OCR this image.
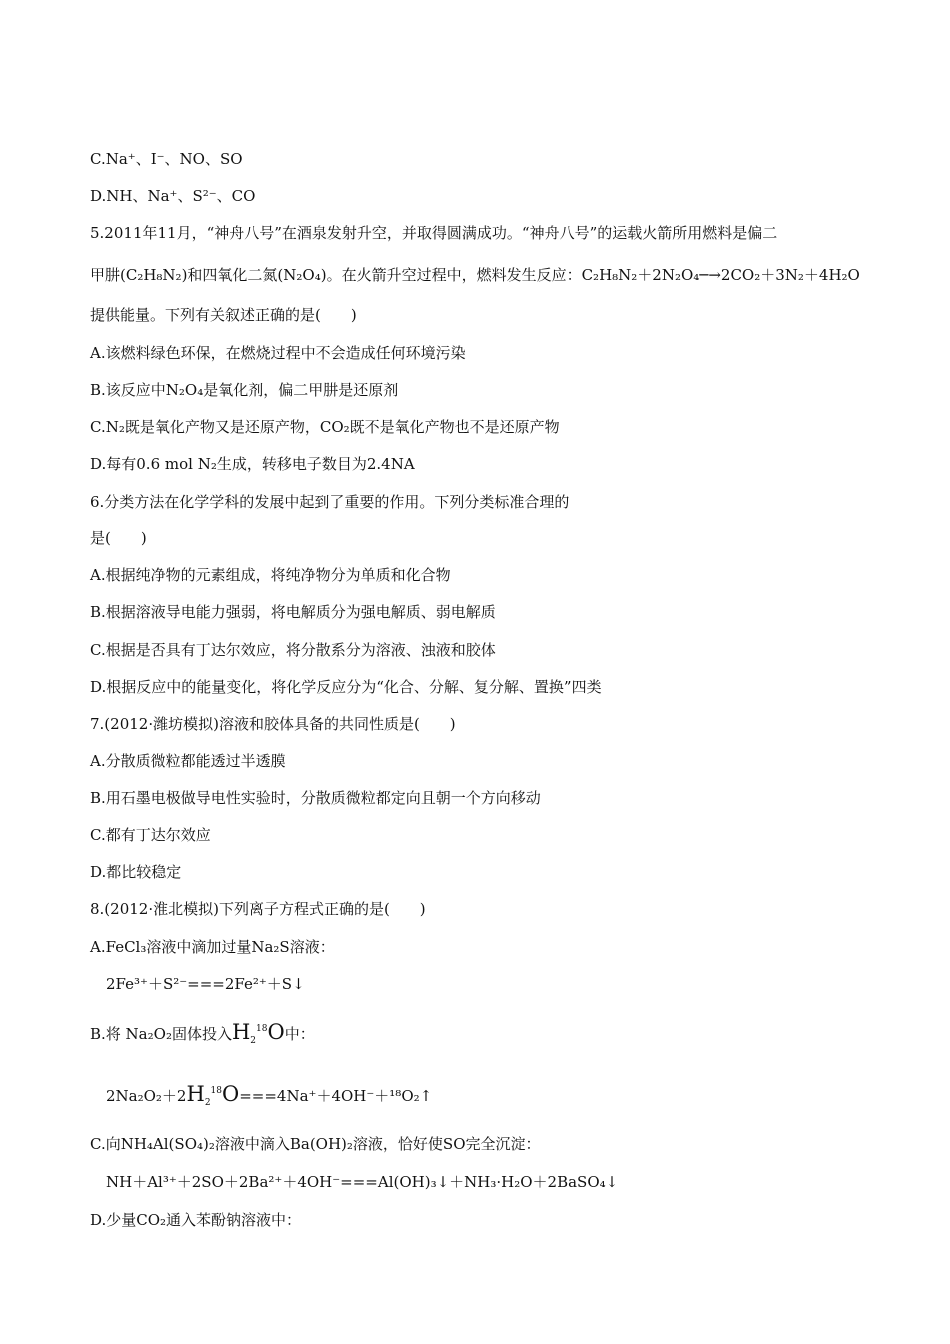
C.Na⁺、I⁻、NO、SO
D.NH、Na⁺、S²⁻、CO
5.2011年11月，“神舟八号”在酒泉发射升空，并取得圆满成功。“神舟八号”的运载火箭所用燃料是偏二
甲肼(C₂H₈N₂)和四氧化二氮(N₂O₄)。在火箭升空过程中，燃料发生反应：C₂H₈N₂＋2N₂O₄─→2CO₂＋3N₂＋4H₂O
提供能量。下列有关叙述正确的是(　　)
A.该燃料绿色环保，在燃烧过程中不会造成任何环境污染
B.该反应中N₂O₄是氧化剂，偏二甲肼是还原剂
C.N₂既是氧化产物又是还原产物，CO₂既不是氧化产物也不是还原产物
D.每有0.6 mol N₂生成，转移电子数目为2.4NA
6.分类方法在化学学科的发展中起到了重要的作用。下列分类标准合理的
是(　　)
A.根据纯净物的元素组成，将纯净物分为单质和化合物
B.根据溶液导电能力强弱，将电解质分为强电解质、弱电解质
C.根据是否具有丁达尔效应，将分散系分为溶液、浊液和胶体
D.根据反应中的能量变化，将化学反应分为“化合、分解、复分解、置换”四类
7.(2012·潍坊模拟)溶液和胶体具备的共同性质是(　　)
A.分散质微粒都能透过半透膜
B.用石墨电极做导电性实验时，分散质微粒都定向且朝一个方向移动
C.都有丁达尔效应
D.都比较稳定
8.(2012·淮北模拟)下列离子方程式正确的是(　　)
A.FeCl₃溶液中滴加过量Na₂S溶液：
2Fe³⁺＋S²⁻===2Fe²⁺＋S↓
B.将 Na₂O₂固体投入$H_2^{18}O$中：
$2Na_2O_2+2H_2^{18}O===4Na^++4OH^-+^{18}O_2↑$
C.向NH₄Al(SO₄)₂溶液中滴入Ba(OH)₂溶液，恰好使SO完全沉淀：
NH＋Al³⁺＋2SO＋2Ba²⁺＋4OH⁻===Al(OH)₃↓＋NH₃·H₂O＋2BaSO₄↓
D.少量CO₂通入苯酚钠溶液中：
